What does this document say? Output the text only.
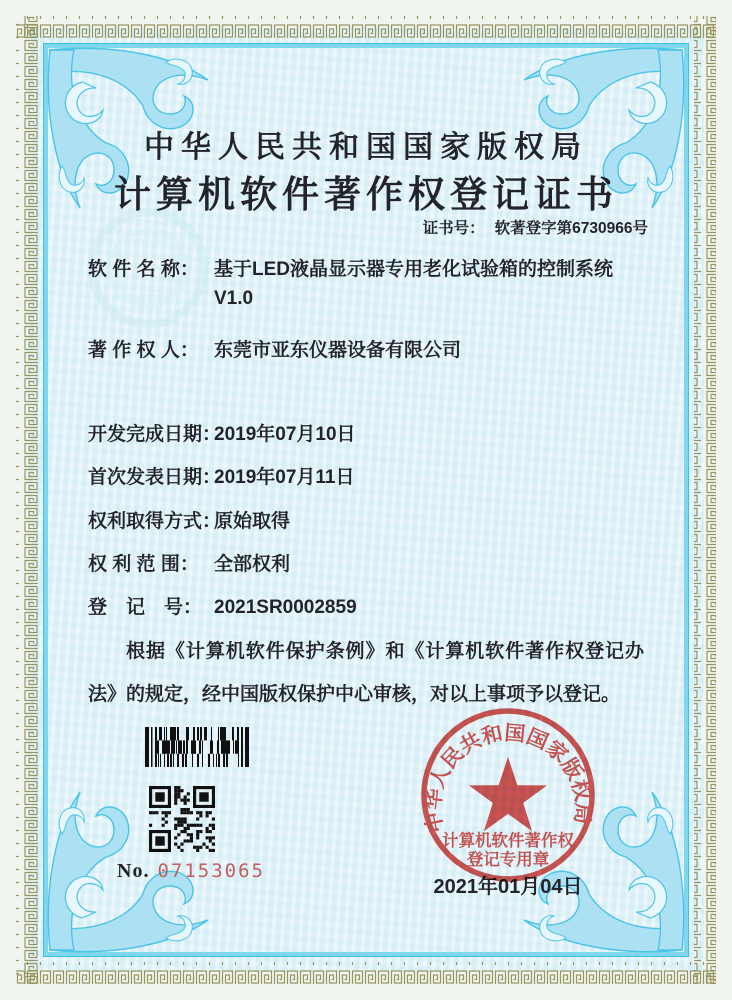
中华人民共和国国家版权局
计算机软件著作权登记证书
证书号： 软著登字第6730966号
软 件 名 称： 基于LED液晶显示器专用老化试验箱的控制系统
V1.0
著 作 权 人： 东莞市亚东仪器设备有限公司
开发完成日期：2019年07月10日
首次发表日期：2019年07月11日
权利取得方式：原始取得
权 利 范 围： 全部权利
登　记　号： 2021SR0002859
根据《计算机软件保护条例》和《计算机软件著作权登记办法》的规定，经中国版权保护中心审核，对以上事项予以登记。
No. 07153065
2021年01月04日
中华人民共和国国家版权局
计算机软件著作权
登记专用章
